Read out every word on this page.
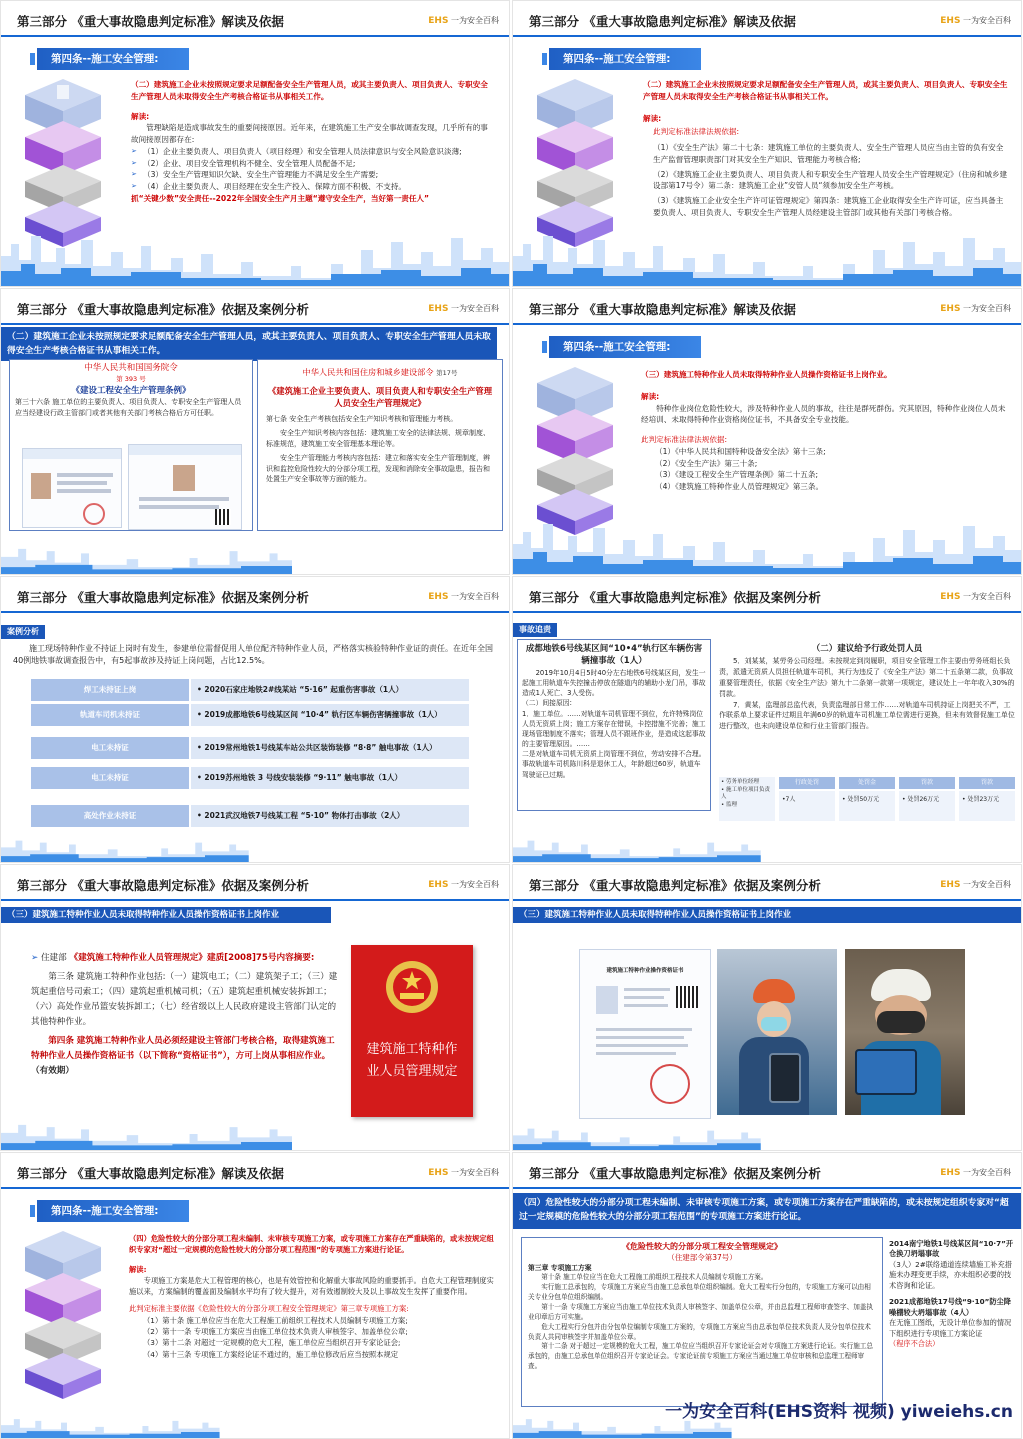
第三部分 《重大事故隐患判定标准》解读及依据	EHS 一为安全百科
第四条--施工安全管理:
（二）建筑施工企业未按照规定要求足额配备安全生产管理人员，或其主要负责人、项目负责人、专职安全生产管理人员未取得安全生产考核合格证书从事相关工作。
解读:
管理缺陷是造成事故发生的重要间接原因。近年来，在建筑施工生产安全事故调查发现，几乎所有的事故间接原因都存在:
➢ （1）企业主要负责人、项目负责人（项目经理）和安全管理人员法律意识与安全风险意识淡薄;
➢ （2）企业、项目安全管理机构不健全、安全管理人员配备不足;
➢ （3）安全生产管理知识欠缺、安全生产管理能力不满足安全生产需要;
➢ （4）企业主要负责人、项目经理在安全生产投入、保障方面不积极、不支持。
抓“关键少数”安全责任--2022年全国安全生产月主题“遵守安全生产，当好第一责任人”
第三部分 《重大事故隐患判定标准》解读及依据	EHS 一为安全百科
第四条--施工安全管理:
（二）建筑施工企业未按照规定要求足额配备安全生产管理人员，或其主要负责人、项目负责人、专职安全生产管理人员未取得安全生产考核合格证书从事相关工作。
解读:
此判定标准法律法规依据:
（1）《安全生产法》第二十七条：建筑施工单位的主要负责人、安全生产管理人员应当由主管的负有安全生产监督管理职责部门对其安全生产知识、管理能力考核合格;
（2）《建筑施工企业主要负责人、项目负责人和专职安全生产管理人员安全生产管理规定》（住房和城乡建设部第17号令）第二条：建筑施工企业”安管人员“须参加安全生产考核。
（3）《建筑施工企业安全生产许可证管理规定》第四条：建筑施工企业取得安全生产许可证，应当具备主要负责人、项目负责人、专职安全生产管理人员经建设主管部门或其他有关部门考核合格。
第三部分 《重大事故隐患判定标准》依据及案例分析	EHS 一为安全百科
（二）建筑施工企业未按照规定要求足额配备安全生产管理人员，或其主要负责人、项目负责人、专职安全生产管理人员未取得安全生产考核合格证书从事相关工作。
中华人民共和国国务院令
第 393 号
《建设工程安全生产管理条例》
第三十六条 施工单位的主要负责人、项目负责人、专职安全生产管理人员应当经建设行政主管部门或者其他有关部门考核合格后方可任职。
中华人民共和国住房和城乡建设部令 第17号
《建筑施工企业主要负责人、项目负责人和专职安全生产管理人员安全生产管理规定》
第七条 安全生产考核包括安全生产知识考核和管理能力考核。
安全生产知识考核内容包括：建筑施工安全的法律法规、规章制度、标准规范，建筑施工安全管理基本理论等。
安全生产管理能力考核内容包括：建立和落实安全生产管理制度，辨识和监控危险性较大的分部分项工程，发现和消除安全事故隐患，报告和处置生产安全事故等方面的能力。
第三部分 《重大事故隐患判定标准》解读及依据	EHS 一为安全百科
第四条--施工安全管理:
（三）建筑施工特种作业人员未取得特种作业人员操作资格证书上岗作业。
解读:
特种作业岗位危险性较大，涉及特种作业人员的事故，往往是群死群伤。究其原因，特种作业岗位人员未经培训、未取得特种作业资格岗位证书，不具备安全专业技能。
此判定标准法律法规依据:
（1）《中华人民共和国特种设备安全法》第十三条;
（2）《安全生产法》第三十条;
（3）《建设工程安全生产管理条例》第二十五条;
（4）《建筑施工特种作业人员管理规定》第三条。
第三部分 《重大事故隐患判定标准》依据及案例分析	EHS 一为安全百科
案例分析
施工现场特种作业不持证上岗时有发生，参建单位需督促用人单位配齐特种作业人员，严格落实核验特种作业证的责任。在近年全国40例地铁事故调查报告中，有5起事故涉及持证上岗问题，占比12.5%。
焊工未持证上岗	• 2020石家庄地铁2#线某站 “5·16” 起重伤害事故（1人）
轨道车司机未持证	• 2019成都地铁6号线某区间 “10·4” 轨行区车辆伤害辆撞事故（1人）
电工未持证	• 2019常州地铁1号线某车站公共区装饰装修 “8·8” 触电事故（1人）
电工未持证	• 2019苏州地铁 3 号线安装装修 “9·11” 触电事故（1人）
高处作业未持证	• 2021武汉地铁7号线某工程 “5·10” 物体打击事故（2人）
第三部分 《重大事故隐患判定标准》依据及案例分析	EHS 一为安全百科
事故追责
成都地铁6号线某区间“10•4”轨行区车辆伤害辆撞事故（1人）
2019年10月4日5时40分左右地铁6号线某区间，发生一起施工用轨道车失控撞击停放在隧道内的辅助小龙门吊，事故造成1人死亡、3人受伤。
（二）间接原因:
1．施工单位。……对轨道车司机管理不到位，允许特殊岗位人员无资质上岗；施工方案存在错误，卡控措施不完善；施工现场管理制度不落实；管理人员不跟班作业，是造成这起事故的主要管理原因。……
二是对轨道车司机无资质上岗管理不到位，劳动安排不合理。事故轨道车司机陈川科是退休工人，年龄超过60岁，轨道车驾驶证已过期。
（二）建议给予行政处罚人员
5．刘某某，某劳务公司经理。未按规定到岗履职，项目安全管理工作主要由劳务班组长负责，派遣无资质人员担任轨道车司机，其行为违反了《安全生产法》第二十五条第二款，负事故重要管理责任，依据《安全生产法》第九十二条第一款第一项规定，建议处上一年年收入30%的罚款。
7．黄某，监理部总监代表，负责监理部日常工作……对轨道车司机持证上岗把关不严，工作联系单上要求证件过期且年满60岁的轨道车司机施工单位需进行更换，但未有效督促施工单位进行整改，也未向建设单位和行业主管部门报告。
• 劳务单位经理
• 施工单位项目负责人
• 监理
行政处罚	处罚金	罚款	罚款
•7人	• 处罚50万元	• 处罚26万元	• 处罚23万元
第三部分 《重大事故隐患判定标准》依据及案例分析	EHS 一为安全百科
（三）建筑施工特种作业人员未取得特种作业人员操作资格证书上岗作业
➢ 住建部 《建筑施工特种作业人员管理规定》建质[2008]75号内容摘要:
第三条 建筑施工特种作业包括:（一）建筑电工；（二）建筑架子工；（三）建筑起重信号司索工；（四）建筑起重机械司机；（五）建筑起重机械安装拆卸工；（六）高处作业吊篮安装拆卸工；（七）经省级以上人民政府建设主管部门认定的其他特种作业。
第四条 建筑施工特种作业人员必须经建设主管部门考核合格，取得建筑施工特种作业人员操作资格证书（以下简称“资格证书”），方可上岗从事相应作业。 （有效期）
建筑施工特种作业人员管理规定
第三部分 《重大事故隐患判定标准》依据及案例分析	EHS 一为安全百科
（三）建筑施工特种作业人员未取得特种作业人员操作资格证书上岗作业
建筑施工特种作业操作资格证书
第三部分 《重大事故隐患判定标准》解读及依据	EHS 一为安全百科
第四条--施工安全管理:
（四）危险性较大的分部分项工程未编制、未审核专项施工方案，或专项施工方案存在严重缺陷的，或未按规定组织专家对“超过一定规模的危险性较大的分部分项工程范围”的专项施工方案进行论证。
解读:
专项施工方案是危大工程管理的核心，也是有效管控和化解重大事故风险的重要抓手。自危大工程管理制度实施以来，方案编制的覆盖面及编制水平均有了较大提升，对有效遏制较大及以上事故发生发挥了重要作用。
此判定标准主要依据《危险性较大的分部分项工程安全管理规定》第三章专项施工方案:
（1）第十条 施工单位应当在危大工程施工前组织工程技术人员编制专项施工方案;
（2）第十一条 专项施工方案应当由施工单位技术负责人审核签字、加盖单位公章;
（3）第十二条 对超过一定规模的危大工程，施工单位应当组织召开专家论证会;
（4）第十三条 专项施工方案经论证不通过的，施工单位修改后应当按照本规定
第三部分 《重大事故隐患判定标准》依据及案例分析	EHS 一为安全百科
（四）危险性较大的分部分项工程未编制、未审核专项施工方案，或专项施工方案存在严重缺陷的，或未按规定组织专家对“超过一定规模的危险性较大的分部分项工程范围”的专项施工方案进行论证。
《危险性较大的分部分项工程安全管理规定》
（住建部令第37号）
第三章 专项施工方案
第十条 施工单位应当在危大工程施工前组织工程技术人员编制专项施工方案。
实行施工总承包的，专项施工方案应当由施工总承包单位组织编制。危大工程实行分包的，专项施工方案可以由相关专业分包单位组织编制。
第十一条 专项施工方案应当由施工单位技术负责人审核签字、加盖单位公章，并由总监理工程师审查签字、加盖执业印章后方可实施。
危大工程实行分包并由分包单位编制专项施工方案的，专项施工方案应当由总承包单位技术负责人及分包单位技术负责人共同审核签字并加盖单位公章。
第十二条 对于超过一定规模的危大工程，施工单位应当组织召开专家论证会对专项施工方案进行论证。实行施工总承包的，由施工总承包单位组织召开专家论证会。专家论证前专项施工方案应当通过施工单位审核和总监理工程师审查。
2014南宁地铁1号线某区间“10·7”开仓换刀坍塌事故
（3人）2#联络通道连续墙施工补充措施未办理变更手续，亦未组织必要的技术咨询和论证。
2021成都地铁17号线“9·10”防尘降噪棚较大坍塌事故（4人）
在无施工图纸，无设计单位参加的情况下组织进行专项施工方案论证
（程序不合法）
一为安全百科(EHS资料 视频) yiweiehs.cn
